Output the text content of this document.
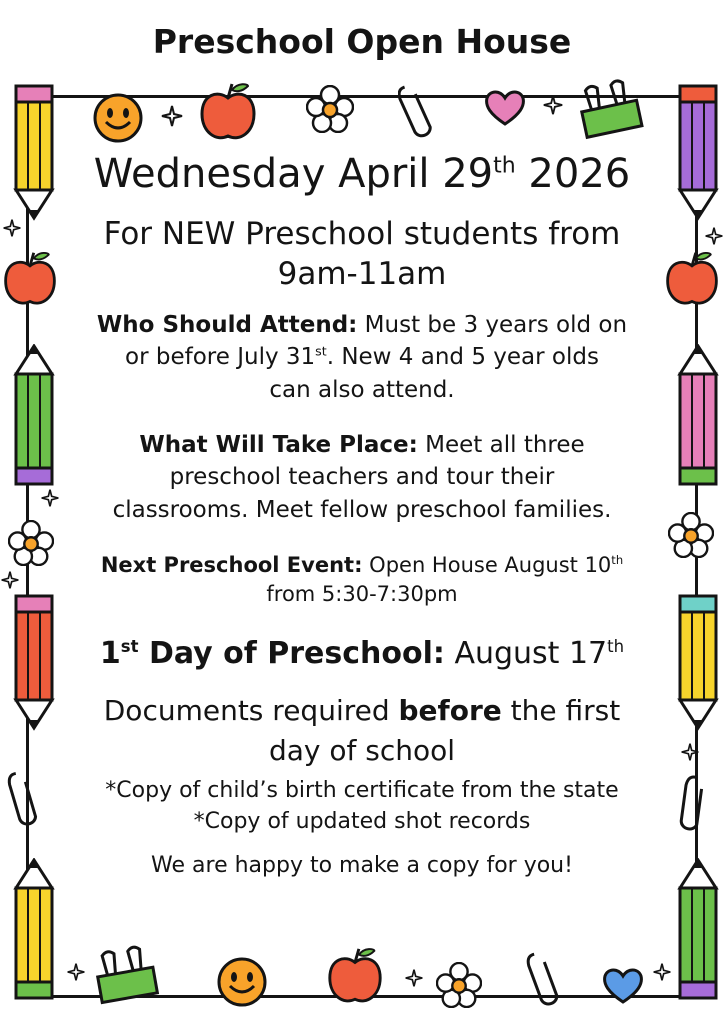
Preschool Open House
Wednesday April 29th 2026
For NEW Preschool students from
9am-11am
Who Should Attend: Must be 3 years old on
or before July 31st. New 4 and 5 year olds
can also attend.
What Will Take Place: Meet all three
preschool teachers and tour their
classrooms. Meet fellow preschool families.
Next Preschool Event: Open House August 10th
from 5:30-7:30pm
1st Day of Preschool: August 17th
Documents required before the first
day of school
*Copy of child’s birth certificate from the state
*Copy of updated shot records
We are happy to make a copy for you!
